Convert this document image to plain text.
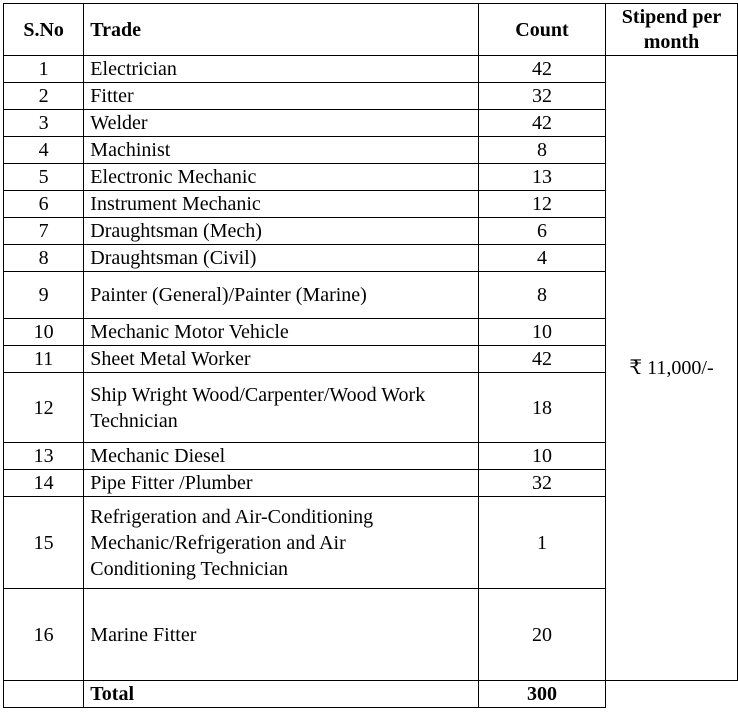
S.No	Trade	Count	Stipend per month
1	Electrician	42	₹ 11,000/-
2	Fitter	32	
3	Welder	42	
4	Machinist	8	
5	Electronic Mechanic	13	
6	Instrument Mechanic	12	
7	Draughtsman (Mech)	6	
8	Draughtsman (Civil)	4	
9	Painter (General)/Painter (Marine)	8	
10	Mechanic Motor Vehicle	10	
11	Sheet Metal Worker	42	
12	Ship Wright Wood/Carpenter/Wood Work Technician	18	
13	Mechanic Diesel	10	
14	Pipe Fitter /Plumber	32	
15	Refrigeration and Air-Conditioning Mechanic/Refrigeration and Air Conditioning Technician	1	
16	Marine Fitter	20	
	Total	300	
